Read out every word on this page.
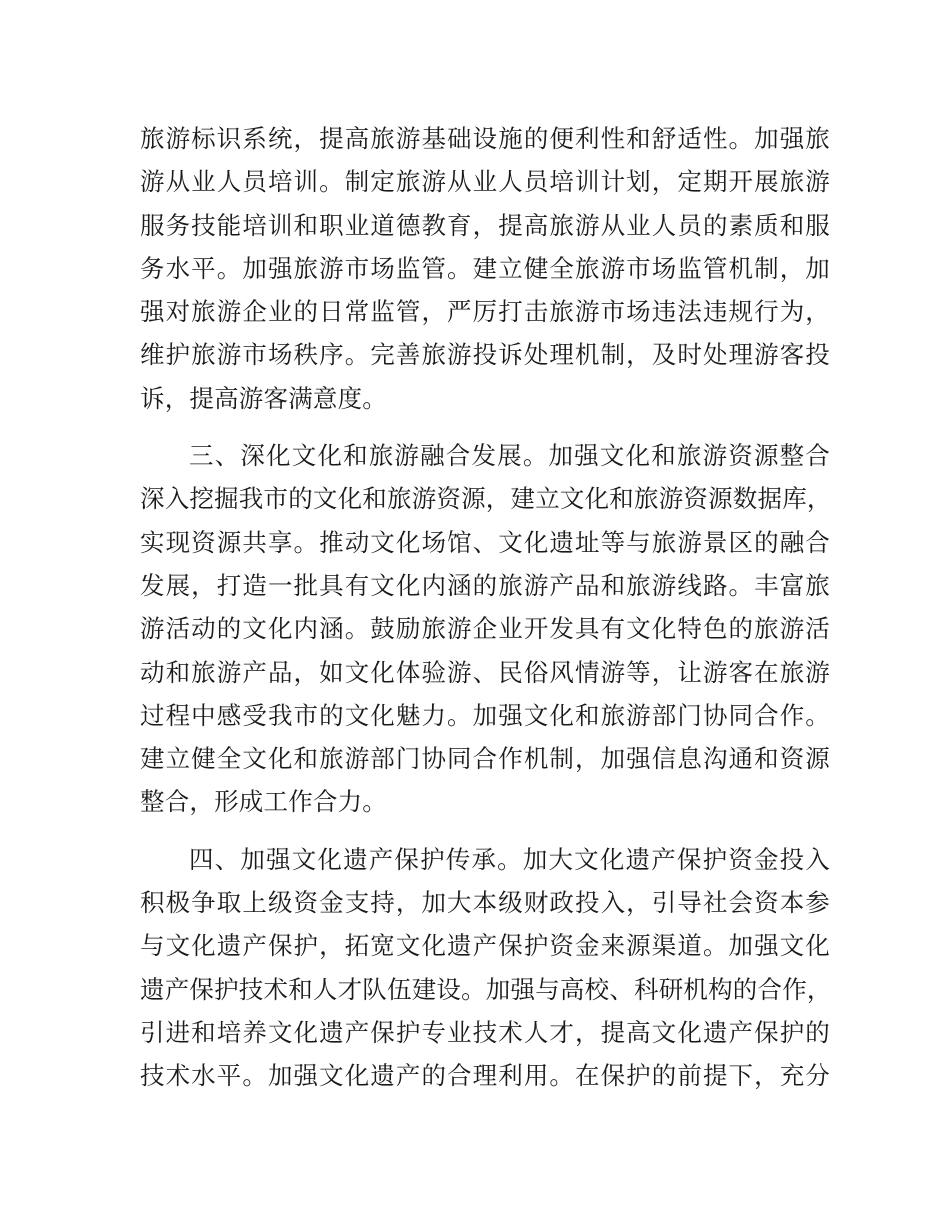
旅游标识系统，提高旅游基础设施的便利性和舒适性。加强旅
游从业人员培训。制定旅游从业人员培训计划，定期开展旅游
服务技能培训和职业道德教育，提高旅游从业人员的素质和服
务水平。加强旅游市场监管。建立健全旅游市场监管机制，加
强对旅游企业的日常监管，严厉打击旅游市场违法违规行为，
维护旅游市场秩序。完善旅游投诉处理机制，及时处理游客投
诉，提高游客满意度。
三、深化文化和旅游融合发展。加强文化和旅游资源整合
深入挖掘我市的文化和旅游资源，建立文化和旅游资源数据库，
实现资源共享。推动文化场馆、文化遗址等与旅游景区的融合
发展，打造一批具有文化内涵的旅游产品和旅游线路。丰富旅
游活动的文化内涵。鼓励旅游企业开发具有文化特色的旅游活
动和旅游产品，如文化体验游、民俗风情游等，让游客在旅游
过程中感受我市的文化魅力。加强文化和旅游部门协同合作。
建立健全文化和旅游部门协同合作机制，加强信息沟通和资源
整合，形成工作合力。
四、加强文化遗产保护传承。加大文化遗产保护资金投入
积极争取上级资金支持，加大本级财政投入，引导社会资本参
与文化遗产保护，拓宽文化遗产保护资金来源渠道。加强文化
遗产保护技术和人才队伍建设。加强与高校、科研机构的合作，
引进和培养文化遗产保护专业技术人才，提高文化遗产保护的
技术水平。加强文化遗产的合理利用。在保护的前提下，充分
